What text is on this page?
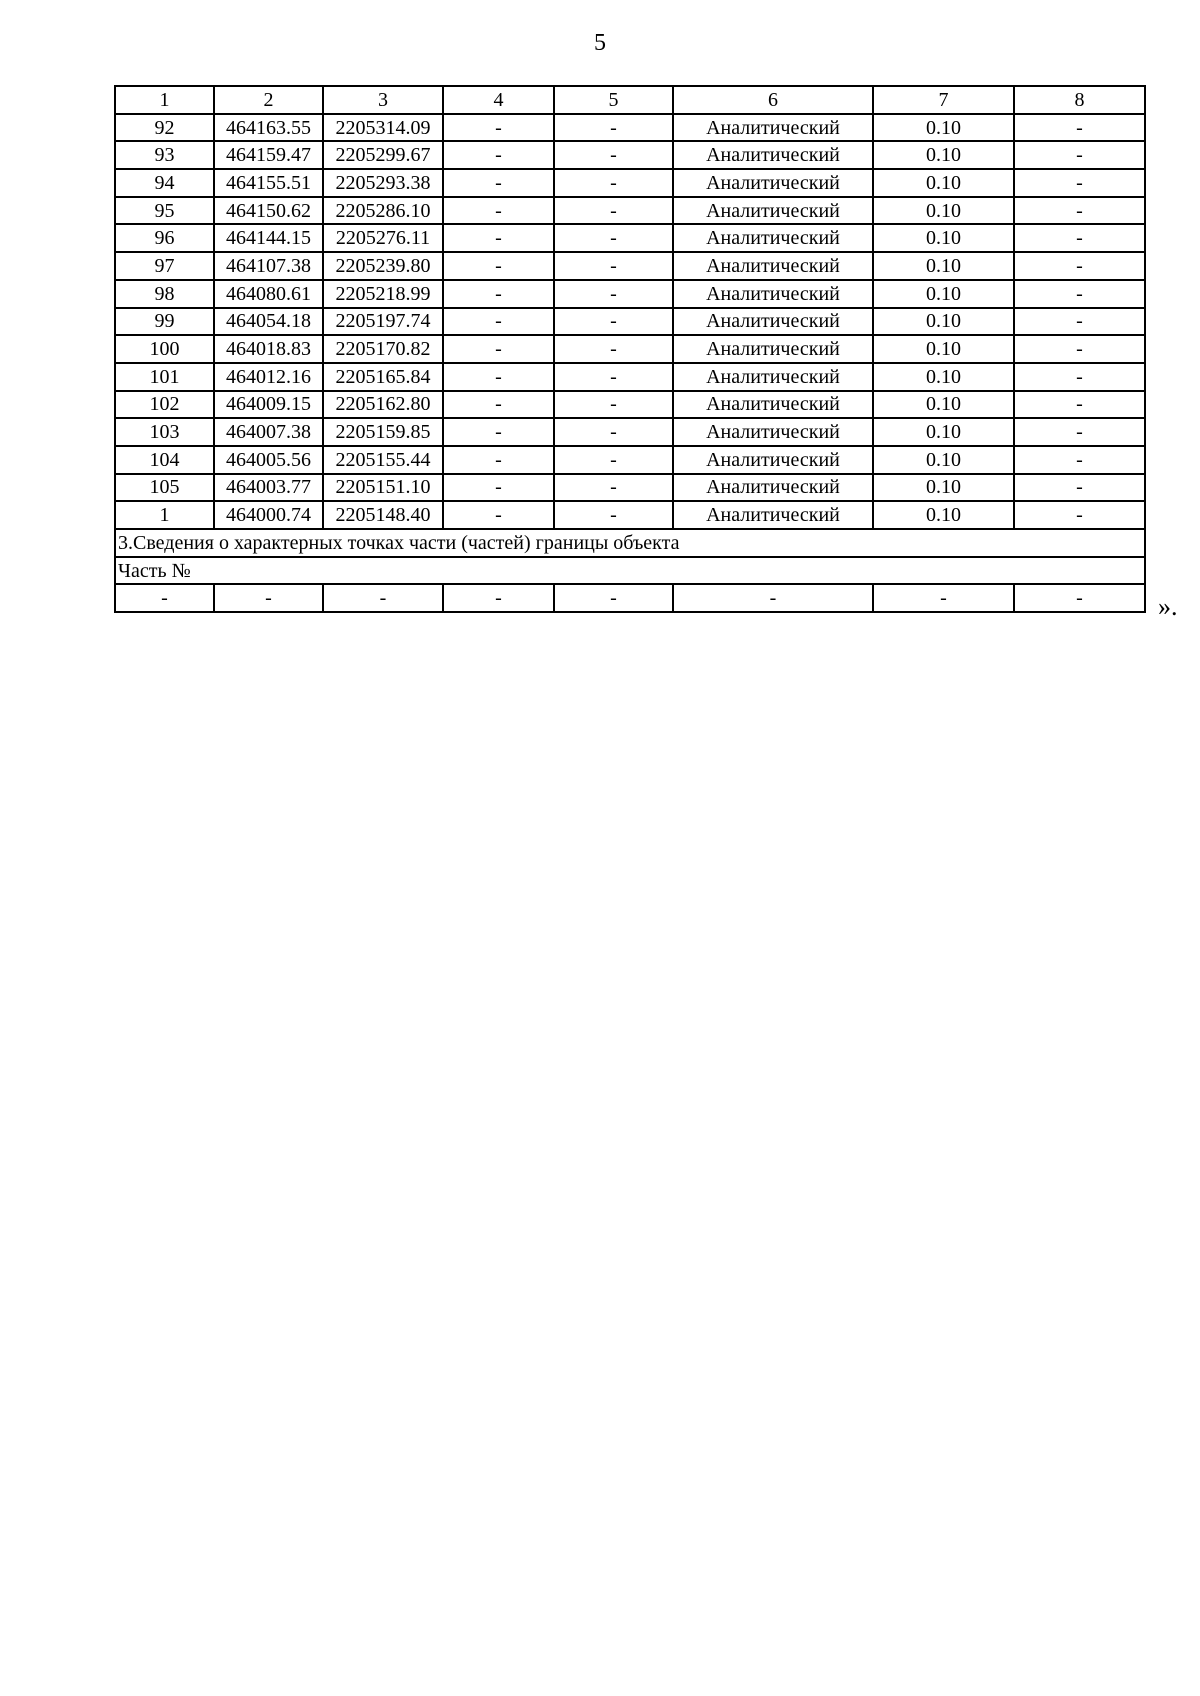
5
1	2	3	4	5	6	7	8
92	464163.55	2205314.09	-	-	Аналитический	0.10	-
93	464159.47	2205299.67	-	-	Аналитический	0.10	-
94	464155.51	2205293.38	-	-	Аналитический	0.10	-
95	464150.62	2205286.10	-	-	Аналитический	0.10	-
96	464144.15	2205276.11	-	-	Аналитический	0.10	-
97	464107.38	2205239.80	-	-	Аналитический	0.10	-
98	464080.61	2205218.99	-	-	Аналитический	0.10	-
99	464054.18	2205197.74	-	-	Аналитический	0.10	-
100	464018.83	2205170.82	-	-	Аналитический	0.10	-
101	464012.16	2205165.84	-	-	Аналитический	0.10	-
102	464009.15	2205162.80	-	-	Аналитический	0.10	-
103	464007.38	2205159.85	-	-	Аналитический	0.10	-
104	464005.56	2205155.44	-	-	Аналитический	0.10	-
105	464003.77	2205151.10	-	-	Аналитический	0.10	-
1	464000.74	2205148.40	-	-	Аналитический	0.10	-
3.Сведения о характерных точках части (частей) границы объекта							
Часть №							
-	-	-	-	-	-	-	-	».
